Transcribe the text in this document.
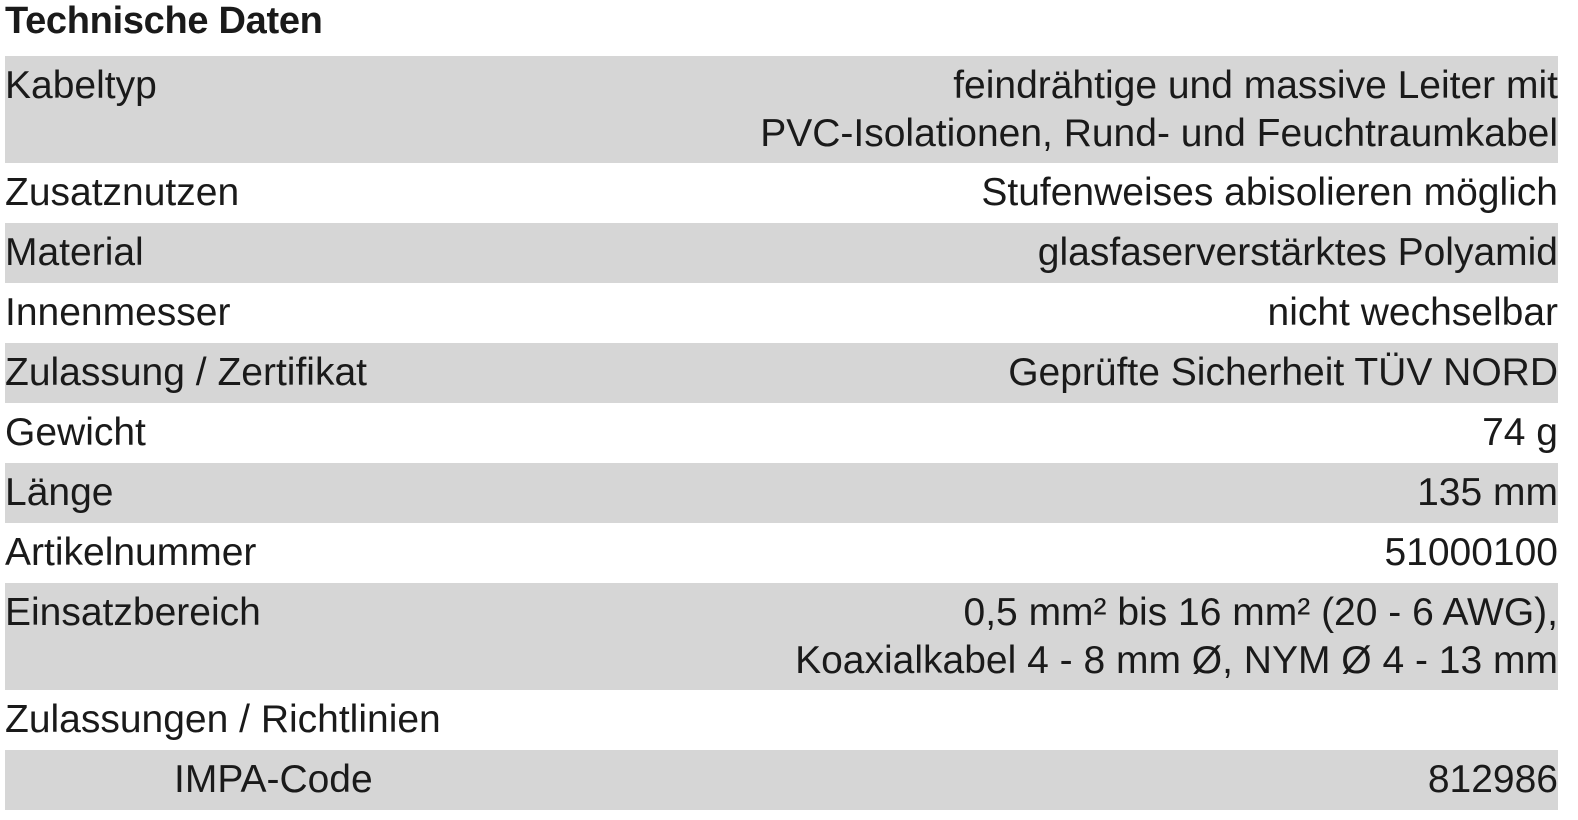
Technische Daten
Kabeltyp	feindrähtige und massive Leiter mit
PVC-Isolationen, Rund- und Feuchtraumkabel
Zusatznutzen	Stufenweises abisolieren möglich
Material	glasfaserverstärktes Polyamid
Innenmesser	nicht wechselbar
Zulassung / Zertifikat	Geprüfte Sicherheit TÜV NORD
Gewicht	74 g
Länge	135 mm
Artikelnummer	51000100
Einsatzbereich	0,5 mm² bis 16 mm² (20 - 6 AWG),
Koaxialkabel 4 - 8 mm Ø, NYM Ø 4 - 13 mm
Zulassungen / Richtlinien
IMPA-Code	812986
